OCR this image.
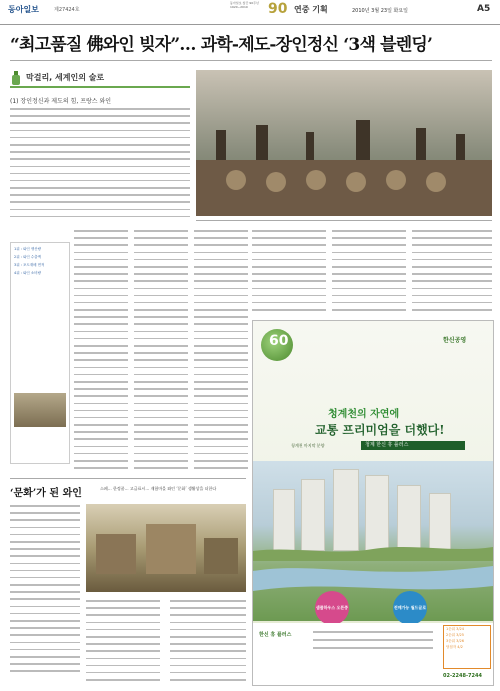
동아일보	제27424호
동아일보 창간 90주년 1920~2010	90 연중 기획	2010년 3월 23일 화요일	A5
“최고품질 佛와인 빚자”… 과학-제도-장인정신 ‘3색 블렌딩’
막걸리, 세계인의 술로
(1) 장인정신과 제도의 힘, 프랑스 와인
1위 : 와인 생산량
2위 : 와인 수출액
3위 : 포도재배 면적
4위 : 와인 소비량
‘문화’가 된 와인	스페… 한정품… 고급표시… 재함마을 와인 ‘문화’ 생활상을 더한다
60	한신공영
청계천의 자연에
교통 프리미엄을 더했다!
청계천 마지막 분양	청계 한신 휴 플러스
샘플하우스 오픈중	전매가능 월드글로
한신 휴 플러스
1순위 3/24
2순위 3/25
3순위 3/26
당첨자 4/2
02-2248-7244
